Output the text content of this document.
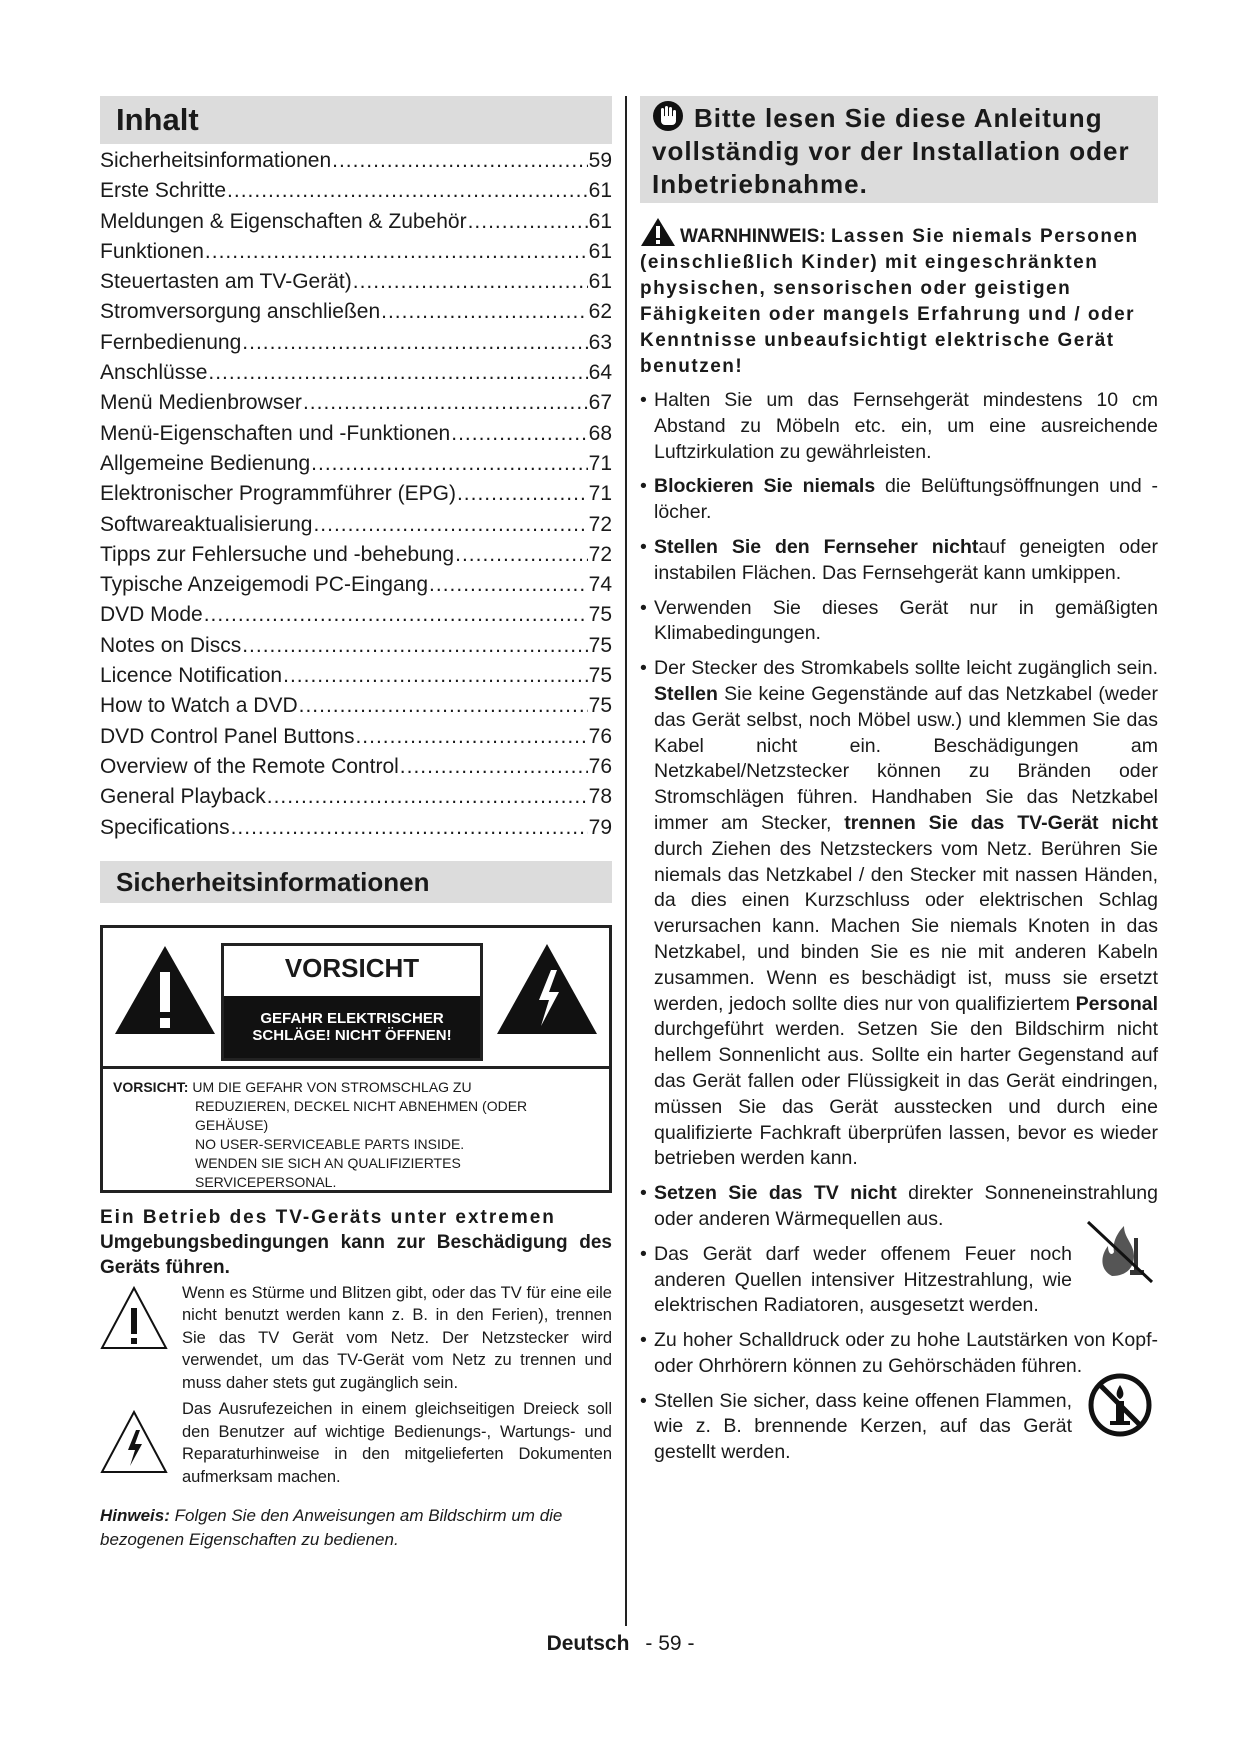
Inhalt
Sicherheitsinformationen .....	59
Erste Schritte .....	61
Meldungen & Eigenschaften & Zubehör .....	61
Funktionen .....	61
Steuertasten am TV-Gerät) .....	61
Stromversorgung anschließen .....	62
Fernbedienung .....	63
Anschlüsse .....	64
Menü Medienbrowser .....	67
Menü-Eigenschaften und -Funktionen .....	68
Allgemeine Bedienung .....	71
Elektronischer Programmführer (EPG) .....	71
Softwareaktualisierung .....	72
Tipps zur Fehlersuche und -behebung .....	72
Typische Anzeigemodi PC-Eingang .....	74
DVD Mode .....	75
Notes on Discs .....	75
Licence Notification .....	75
How to Watch a DVD .....	75
DVD Control Panel Buttons .....	76
Overview of the Remote Control .....	76
General Playback .....	78
Specifications .....	79
Sicherheitsinformationen
VORSICHT
GEFAHR ELEKTRISCHER
SCHLÄGE! NICHT ÖFFNEN!
VORSICHT: UM DIE GEFAHR VON STROMSCHLAG ZU
REDUZIEREN, DECKEL NICHT ABNEHMEN (ODER
GEHÄUSE)
NO USER-SERVICEABLE PARTS INSIDE.
WENDEN SIE SICH AN QUALIFIZIERTES
SERVICEPERSONAL.
Ein Betrieb des TV-Geräts unter extremen
Umgebungsbedingungen kann zur Beschädigung des Geräts führen.
Wenn es Stürme und Blitzen gibt, oder das TV für eine eile nicht benutzt werden kann z. B. in den Ferien), trennen Sie das TV Gerät vom Netz. Der Netzstecker wird verwendet, um das TV-Gerät vom Netz zu trennen und muss daher stets gut zugänglich sein.
Das Ausrufezeichen in einem gleichseitigen Dreieck soll den Benutzer auf wichtige Bedienungs-, Wartungs- und Reparaturhinweise in den mitgelieferten Dokumenten aufmerksam machen.
Hinweis: Folgen Sie den Anweisungen am Bildschirm um die bezogenen Eigenschaften zu bedienen.
Bitte lesen Sie diese Anleitung vollständig vor der Installation oder Inbetriebnahme.
WARNHINWEIS: Lassen Sie niemals Personen (einschließlich Kinder) mit eingeschränkten physischen, sensorischen oder geistigen Fähigkeiten oder mangels Erfahrung und / oder Kenntnisse unbeaufsichtigt elektrische Gerät benutzen!
• Halten Sie um das Fernsehgerät mindestens 10 cm Abstand zu Möbeln etc. ein, um eine ausreichende Luftzirkulation zu gewährleisten.
• Blockieren Sie niemals die Belüftungsöffnungen und -löcher.
• Stellen Sie den Fernseher nichtauf geneigten oder instabilen Flächen. Das Fernsehgerät kann umkippen.
• Verwenden Sie dieses Gerät nur in gemäßigten Klimabedingungen.
• Der Stecker des Stromkabels sollte leicht zugänglich sein. Stellen Sie keine Gegenstände auf das Netzkabel (weder das Gerät selbst, noch Möbel usw.) und klemmen Sie das Kabel nicht ein. Beschädigungen am Netzkabel/Netzstecker können zu Bränden oder Stromschlägen führen. Handhaben Sie das Netzkabel immer am Stecker, trennen Sie das TV-Gerät nicht durch Ziehen des Netzsteckers vom Netz. Berühren Sie niemals das Netzkabel / den Stecker mit nassen Händen, da dies einen Kurzschluss oder elektrischen Schlag verursachen kann. Machen Sie niemals Knoten in das Netzkabel, und binden Sie es nie mit anderen Kabeln zusammen. Wenn es beschädigt ist, muss sie ersetzt werden, jedoch sollte dies nur von qualifiziertem Personal durchgeführt werden. Setzen Sie den Bildschirm nicht hellem Sonnenlicht aus. Sollte ein harter Gegenstand auf das Gerät fallen oder Flüssigkeit in das Gerät eindringen, müssen Sie das Gerät ausstecken und durch eine qualifizierte Fachkraft überprüfen lassen, bevor es wieder betrieben werden kann.
• Setzen Sie das TV nicht direkter Sonneneinstrahlung oder anderen Wärmequellen aus.
• Das Gerät darf weder offenem Feuer noch anderen Quellen intensiver Hitzestrahlung, wie elektrischen Radiatoren, ausgesetzt werden.
• Zu hoher Schalldruck oder zu hohe Lautstärken von Kopf- oder Ohrhörern können zu Gehörschäden führen.
• Stellen Sie sicher, dass keine offenen Flammen, wie z. B. brennende Kerzen, auf das Gerät gestellt werden.
Deutsch - 59 -
